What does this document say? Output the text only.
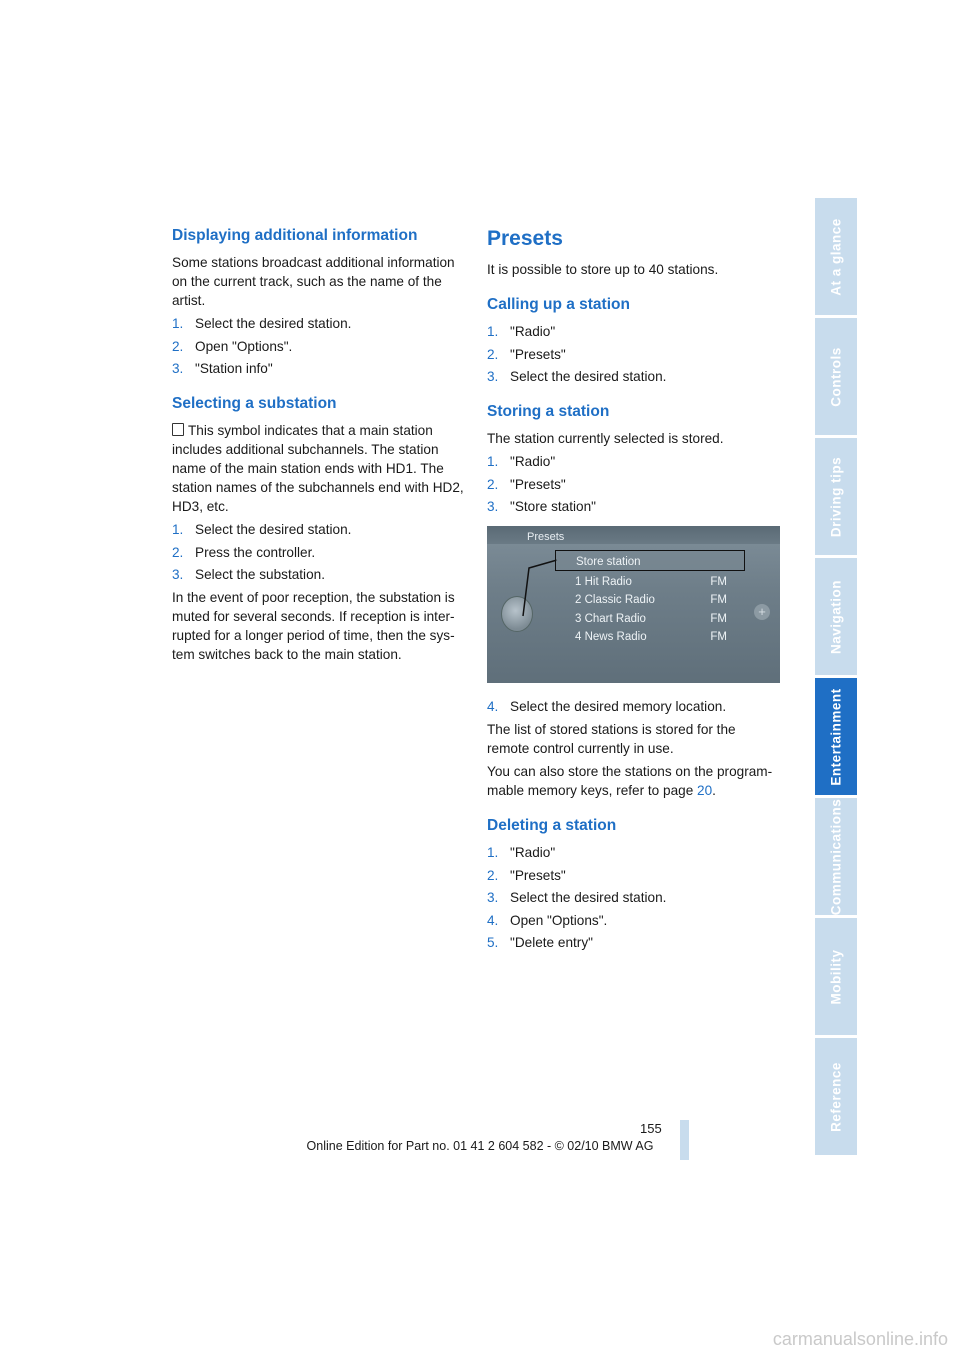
Displaying additional information

Some stations broadcast additional information on the current track, such as the name of the artist.

1. Select the desired station.
2. Open "Options".
3. "Station info"
Selecting a substation

This symbol indicates that a main station includes additional subchannels. The station name of the main station ends with HD1. The station names of the subchannels end with HD2, HD3, etc.

1. Select the desired station.
2. Press the controller.
3. Select the substation.

In the event of poor reception, the substation is muted for several seconds. If reception is inter-rupted for a longer period of time, then the sys-tem switches back to the main station.

Presets

It is possible to store up to 40 stations.

Calling up a station
1. "Radio"
2. "Presets"
3. Select the desired station.
Storing a station

The station currently selected is stored.

1. "Radio"
2. "Presets"
3. "Store station"
Presets
Store station
1 Hit Radio	FM
2 Classic Radio	FM
3 Chart Radio	FM
4 News Radio	FM
+
4. Select the desired memory location.

The list of stored stations is stored for the remote control currently in use.

You can also store the stations on the program-mable memory keys, refer to page 20.

Deleting a station
1. "Radio"
2. "Presets"
3. Select the desired station.
4. Open "Options".
5. "Delete entry"
155
Online Edition for Part no. 01 41 2 604 582 - © 02/10 BMW AG
At a glance
Controls
Driving tips
Navigation
Entertainment
Communications
Mobility
Reference
carmanualsonline.info
